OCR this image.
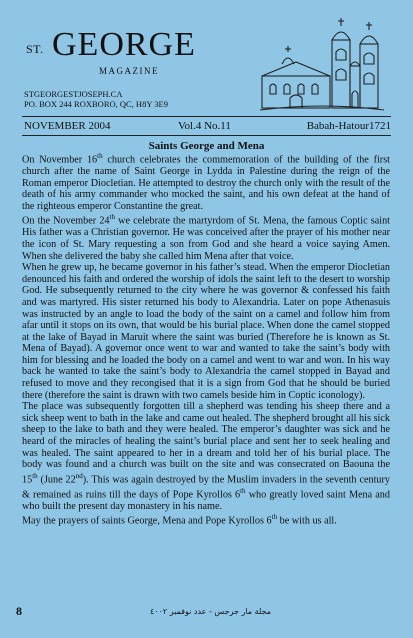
ST. GEORGE
MAGAZINE
STGEORGESTJOSEPH.CA
PO. BOX 244 ROXBORO, QC, H8Y 3E9
NOVEMBER 2004	Vol.4 No.11	Babah-Hatour1721
Saints George and Mena

On November 16th church celebrates the commemoration of the building of the first church after the name of Saint George in Lydda in Palestine during the reign of the Roman emperor Diocletian. He attempted to destroy the church only with the result of the death of his army commander who mocked the saint, and his own defeat at the hand of the righteous emperor Constantine the great.

On the November 24th we celebrate the martyrdom of St. Mena, the famous Coptic saint His father was a Christian governor. He was conceived after the prayer of his mother near the icon of St. Mary requesting a son from God and she heard a voice saying Amen. When she delivered the baby she called him Mena after that voice.

When he grew up, he became governor in his father’s stead. When the emperor Diocletian denounced his faith and ordered the worship of idols the saint left to the desert to worship God. He subsequently returned to the city where he was governor & confessed his faith and was martyred. His sister returned his body to Alexandria. Later on pope Athenasuis was instructed by an angle to load the body of the saint on a camel and follow him from afar until it stops on its own, that would be his burial place. When done the camel stopped at the lake of Bayad in Maruit where the saint was buried (Therefore he is known as St. Mena of Bayad). A governor once went to war and wanted to take the saint’s body with him for blessing and he loaded the body on a camel and went to war and won. In his way back he wanted to take the saint’s body to Alexandria the camel stopped in Bayad and refused to move and they recongised that it is a sign from God that he should be buried there (therefore the saint is drawn with two camels beside him in Coptic iconology).

The place was subsequently forgotten till a shepherd was tending his sheep there and a sick sheep went to bath in the lake and came out healed. The shepherd brought all his sick sheep to the lake to bath and they were healed. The emperor’s daughter was sick and he heard of the miracles of healing the saint’s burial place and sent her to seek healing and was healed. The saint appeared to her in a dream and told her of his burial place. The body was found and a church was built on the site and was consecrated on Baouna the 15th (June 22nd). This was again destroyed by the Muslim invaders in the seventh century & remained as ruins till the days of Pope Kyrollos 6th who greatly loved saint Mena and who built the present day monastery in his name.

May the prayers of saints George, Mena and Pope Kyrollos 6th be with us all.

8	مجلة مار جرجس - عدد نوفمبر ٢٠٠٤
